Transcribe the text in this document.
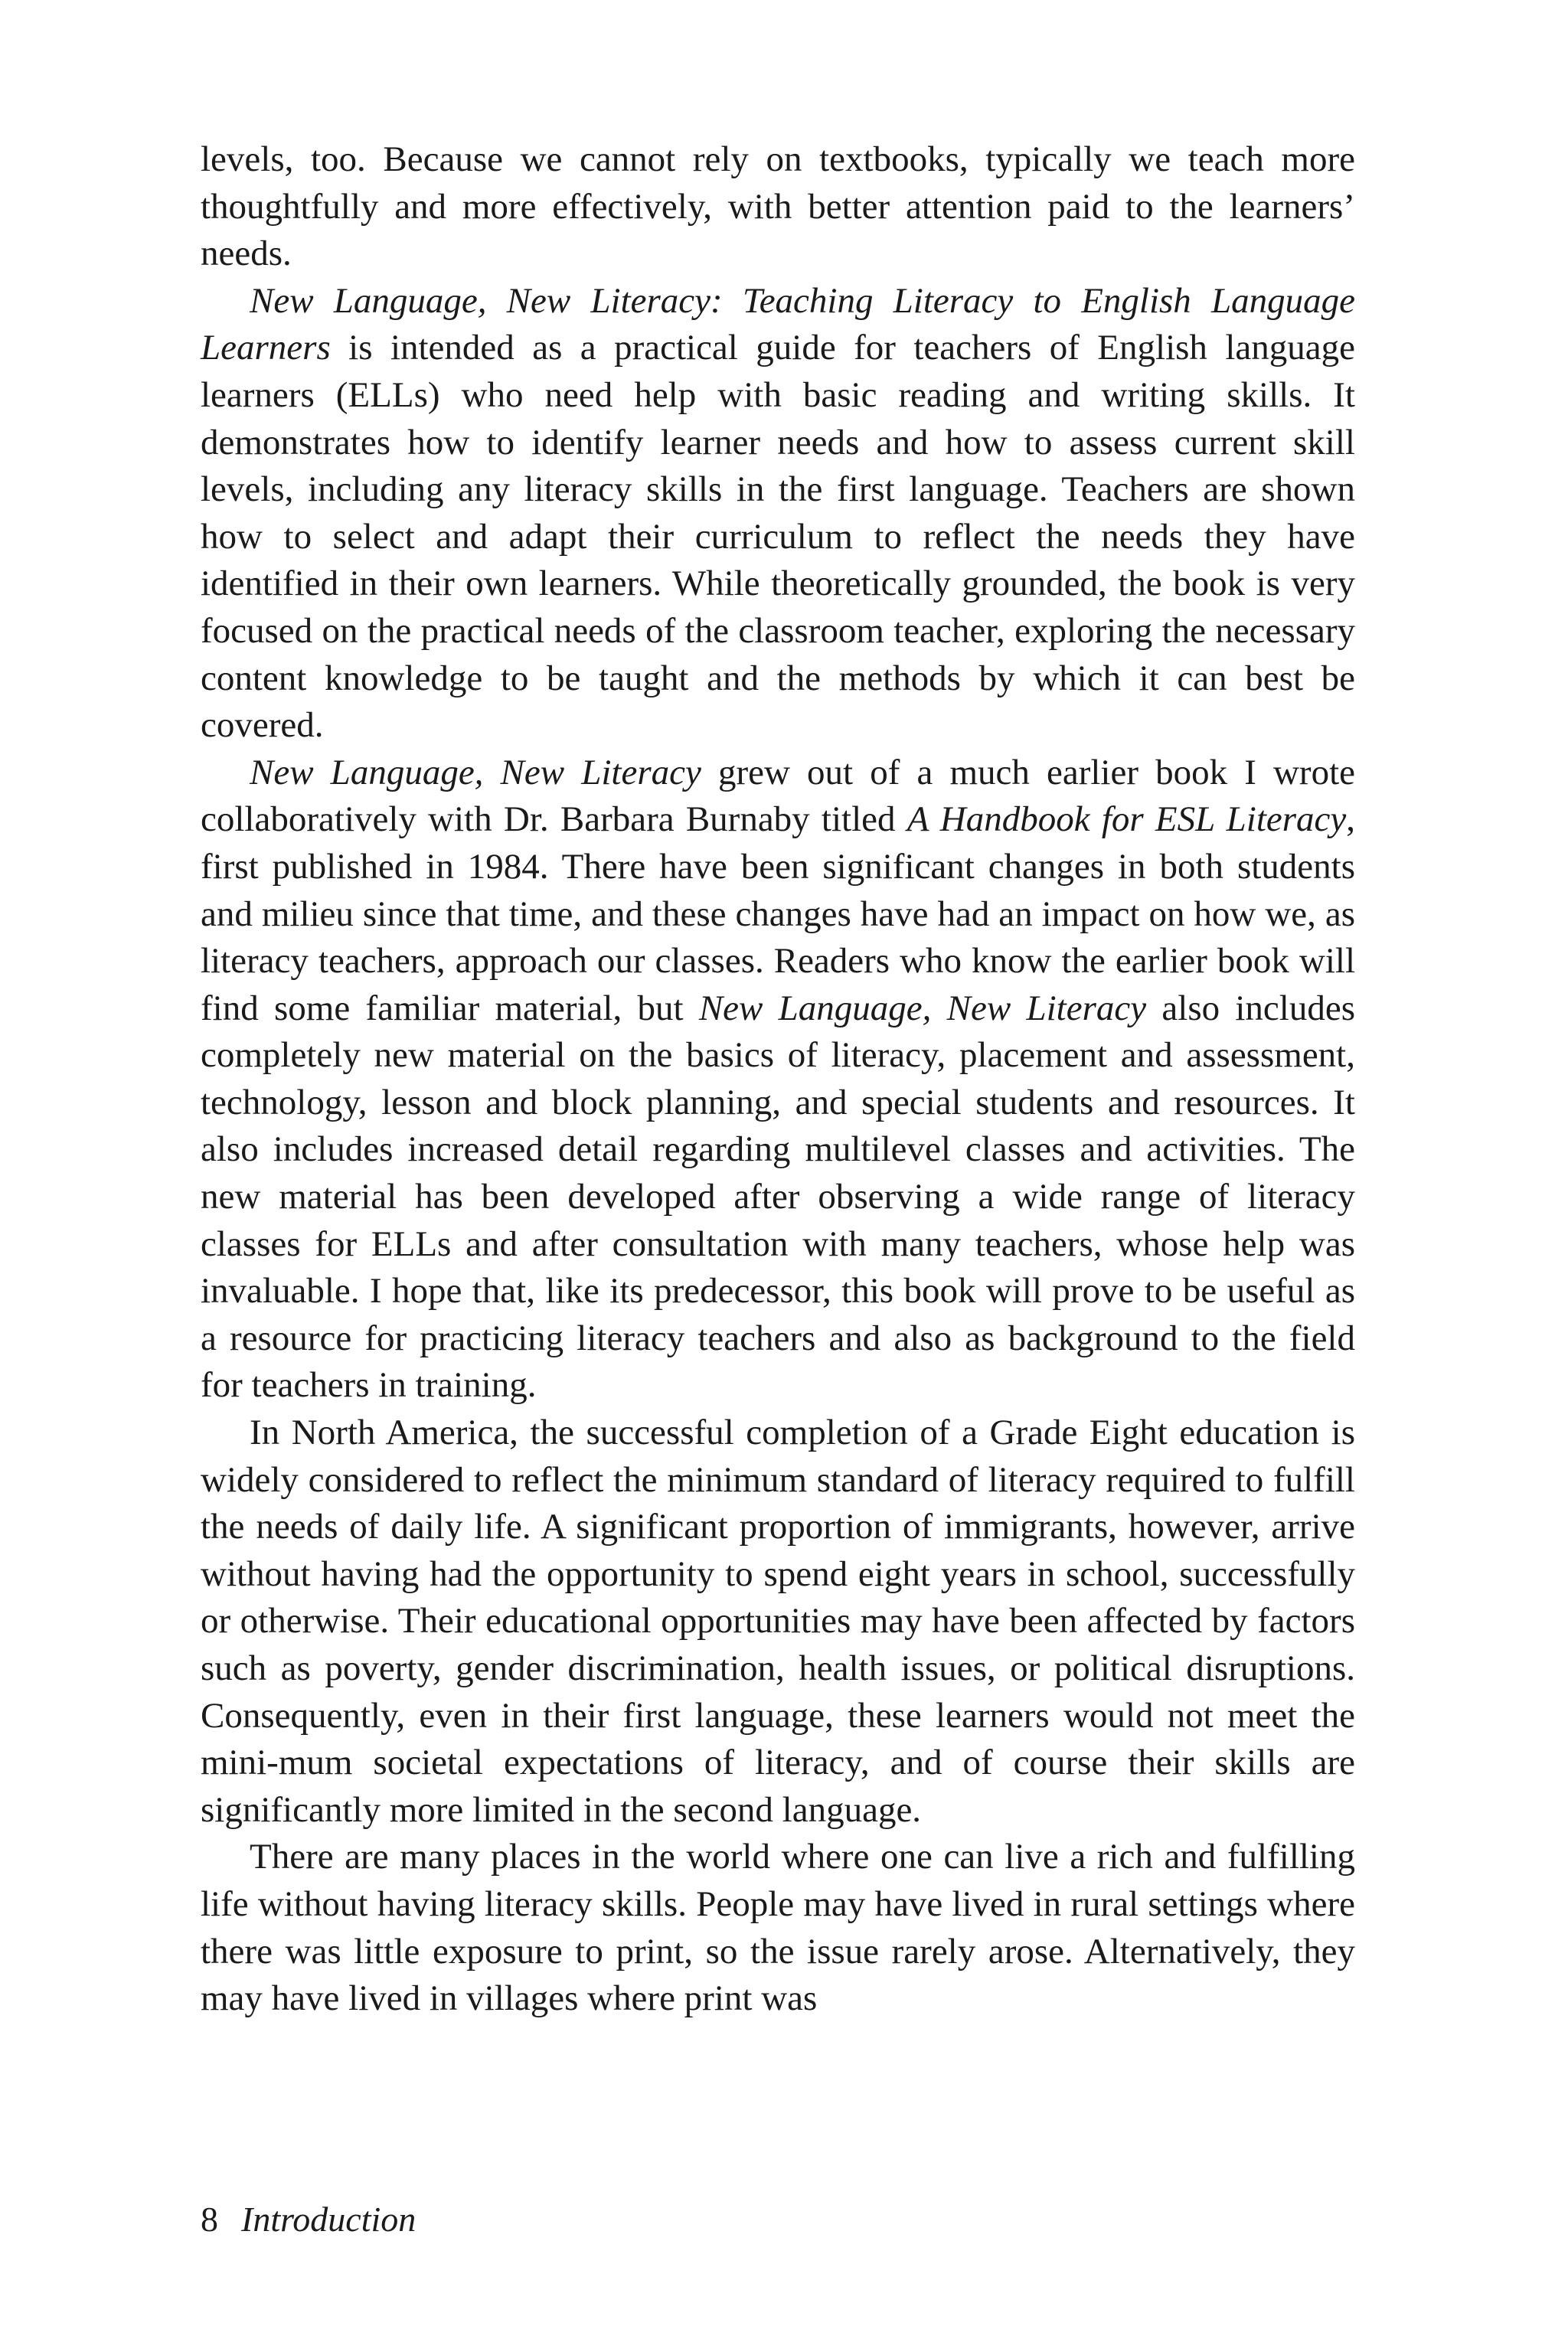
levels, too. Because we cannot rely on textbooks, typically we teach more thoughtfully and more effectively, with better attention paid to the learners’ needs.

New Language, New Literacy: Teaching Literacy to English Language Learners is intended as a practical guide for teachers of English language learners (ELLs) who need help with basic reading and writing skills. It demonstrates how to identify learner needs and how to assess current skill levels, including any literacy skills in the first language. Teachers are shown how to select and adapt their curriculum to reflect the needs they have identified in their own learners. While theoretically grounded, the book is very focused on the practical needs of the classroom teacher, exploring the necessary content knowledge to be taught and the methods by which it can best be covered.

New Language, New Literacy grew out of a much earlier book I wrote collaboratively with Dr. Barbara Burnaby titled A Handbook for ESL Literacy, first published in 1984. There have been significant changes in both students and milieu since that time, and these changes have had an impact on how we, as literacy teachers, approach our classes. Readers who know the earlier book will find some familiar material, but New Language, New Literacy also includes completely new material on the basics of literacy, placement and assessment, technology, lesson and block planning, and special students and resources. It also includes increased detail regarding multilevel classes and activities. The new material has been developed after observing a wide range of literacy classes for ELLs and after consultation with many teachers, whose help was invaluable. I hope that, like its predecessor, this book will prove to be useful as a resource for practicing literacy teachers and also as background to the field for teachers in training.

In North America, the successful completion of a Grade Eight education is widely considered to reflect the minimum standard of literacy required to fulfill the needs of daily life. A significant proportion of immigrants, however, arrive without having had the opportunity to spend eight years in school, successfully or otherwise. Their educational opportunities may have been affected by factors such as poverty, gender discrimination, health issues, or political disruptions. Consequently, even in their first language, these learners would not meet the mini-mum societal expectations of literacy, and of course their skills are significantly more limited in the second language.

There are many places in the world where one can live a rich and fulfilling life without having literacy skills. People may have lived in rural settings where there was little exposure to print, so the issue rarely arose. Alternatively, they may have lived in villages where print was

8 Introduction
